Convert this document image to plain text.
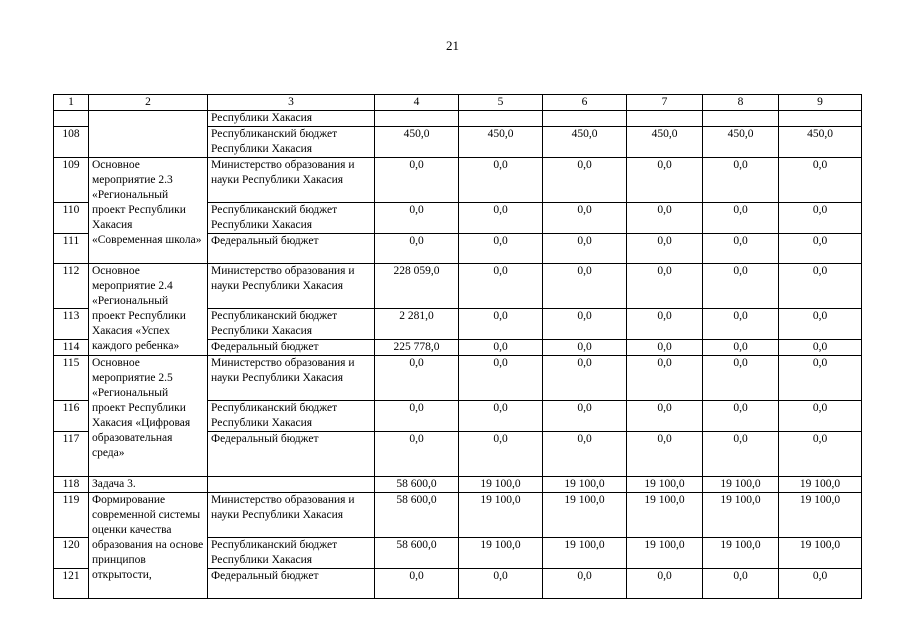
21
1	2	3	4	5	6	7	8	9
		Республики Хакасия						
108		Республиканский бюджет Республики Хакасия	450,0	450,0	450,0	450,0	450,0	450,0
109	Основное мероприятие 2.3 «Региональный проект Республики Хакасия «Современная школа»	Министерство образования и науки Республики Хакасия	0,0	0,0	0,0	0,0	0,0	0,0
110		Республиканский бюджет Республики Хакасия	0,0	0,0	0,0	0,0	0,0	0,0
111		Федеральный бюджет	0,0	0,0	0,0	0,0	0,0	0,0
112	Основное мероприятие 2.4 «Региональный проект Республики Хакасия «Успех каждого ребенка»	Министерство образования и науки Республики Хакасия	228 059,0	0,0	0,0	0,0	0,0	0,0
113		Республиканский бюджет Республики Хакасия	2 281,0	0,0	0,0	0,0	0,0	0,0
114		Федеральный бюджет	225 778,0	0,0	0,0	0,0	0,0	0,0
115	Основное мероприятие 2.5 «Региональный проект Республики Хакасия «Цифровая образовательная среда»	Министерство образования и науки Республики Хакасия	0,0	0,0	0,0	0,0	0,0	0,0
116		Республиканский бюджет Республики Хакасия	0,0	0,0	0,0	0,0	0,0	0,0
117		Федеральный бюджет	0,0	0,0	0,0	0,0	0,0	0,0
118	Задача 3.		58 600,0	19 100,0	19 100,0	19 100,0	19 100,0	19 100,0
119	Формирование современной системы оценки качества образования на основе принципов открытости,	Министерство образования и науки Республики Хакасия	58 600,0	19 100,0	19 100,0	19 100,0	19 100,0	19 100,0
120		Республиканский бюджет Республики Хакасия	58 600,0	19 100,0	19 100,0	19 100,0	19 100,0	19 100,0
121		Федеральный бюджет	0,0	0,0	0,0	0,0	0,0	0,0
